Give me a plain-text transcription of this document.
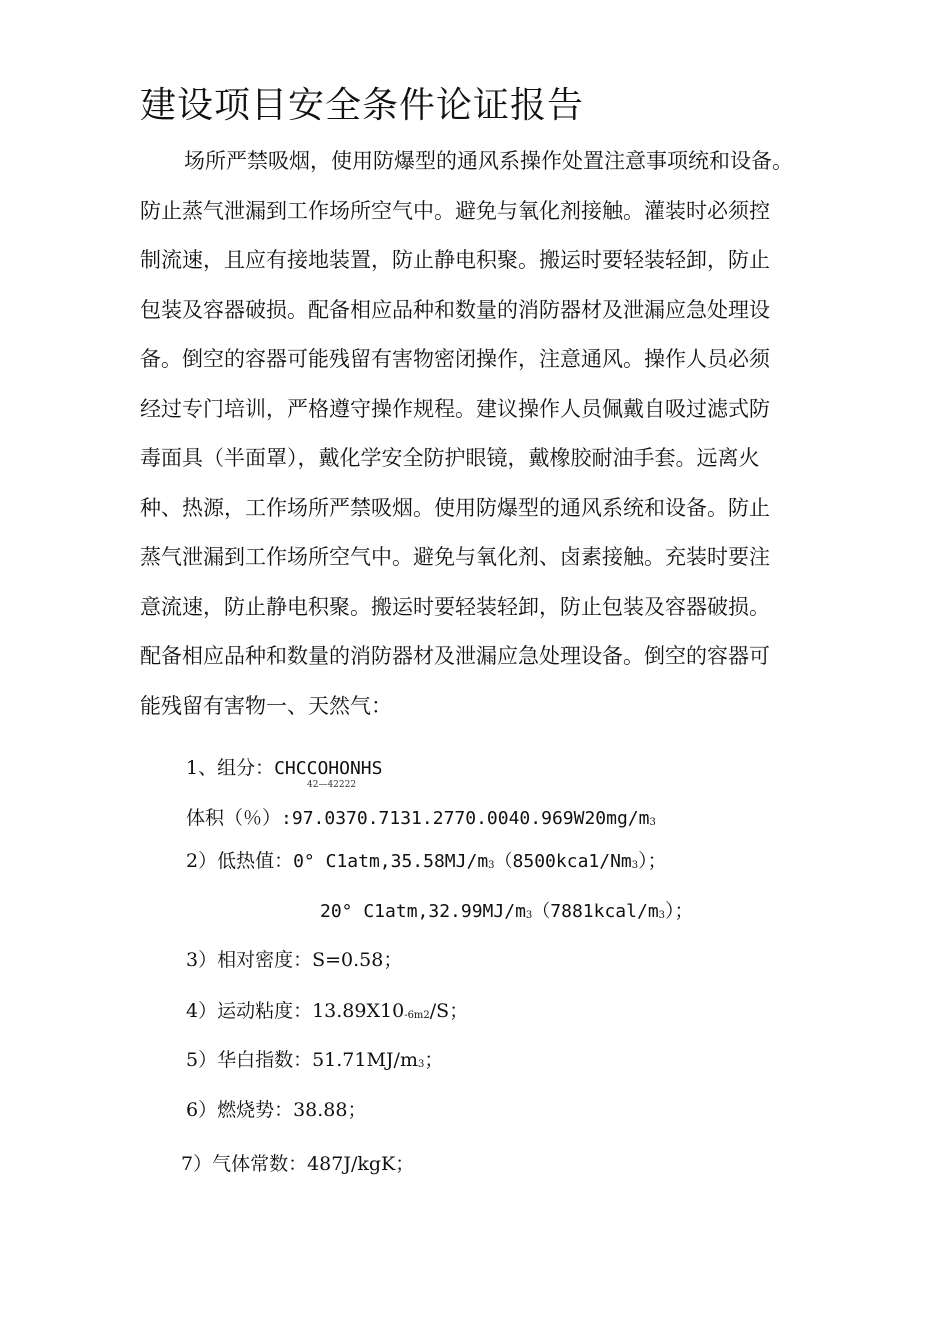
建设项目安全条件论证报告
场所严禁吸烟，使用防爆型的通风系操作处置注意事项统和设备。
防止蒸气泄漏到工作场所空气中。避免与氧化剂接触。灌装时必须控
制流速，且应有接地装置，防止静电积聚。搬运时要轻装轻卸，防止
包装及容器破损。配备相应品种和数量的消防器材及泄漏应急处理设
备。倒空的容器可能残留有害物密闭操作，注意通风。操作人员必须
经过专门培训，严格遵守操作规程。建议操作人员佩戴自吸过滤式防
毒面具（半面罩），戴化学安全防护眼镜，戴橡胶耐油手套。远离火
种、热源，工作场所严禁吸烟。使用防爆型的通风系统和设备。防止
蒸气泄漏到工作场所空气中。避免与氧化剂、卤素接触。充装时要注
意流速，防止静电积聚。搬运时要轻装轻卸，防止包装及容器破损。
配备相应品种和数量的消防器材及泄漏应急处理设备。倒空的容器可
能残留有害物一、天然气：
1、组分：CHCCOHONHS
42—42222
体积（％）:97.0370.7131.2770.0040.969W20mg/m3
2）低热值：0° C1atm,35.58MJ/m3（8500kca1/Nm3）；
20° C1atm,32.99MJ/m3（7881kcal/m3）；
3）相对密度：S=0.58；
4）运动粘度：13.89X10-6m2/S；
5）华白指数：51.71MJ/m3；
6）燃烧势：38.88；
7）气体常数：487J/kgK；
